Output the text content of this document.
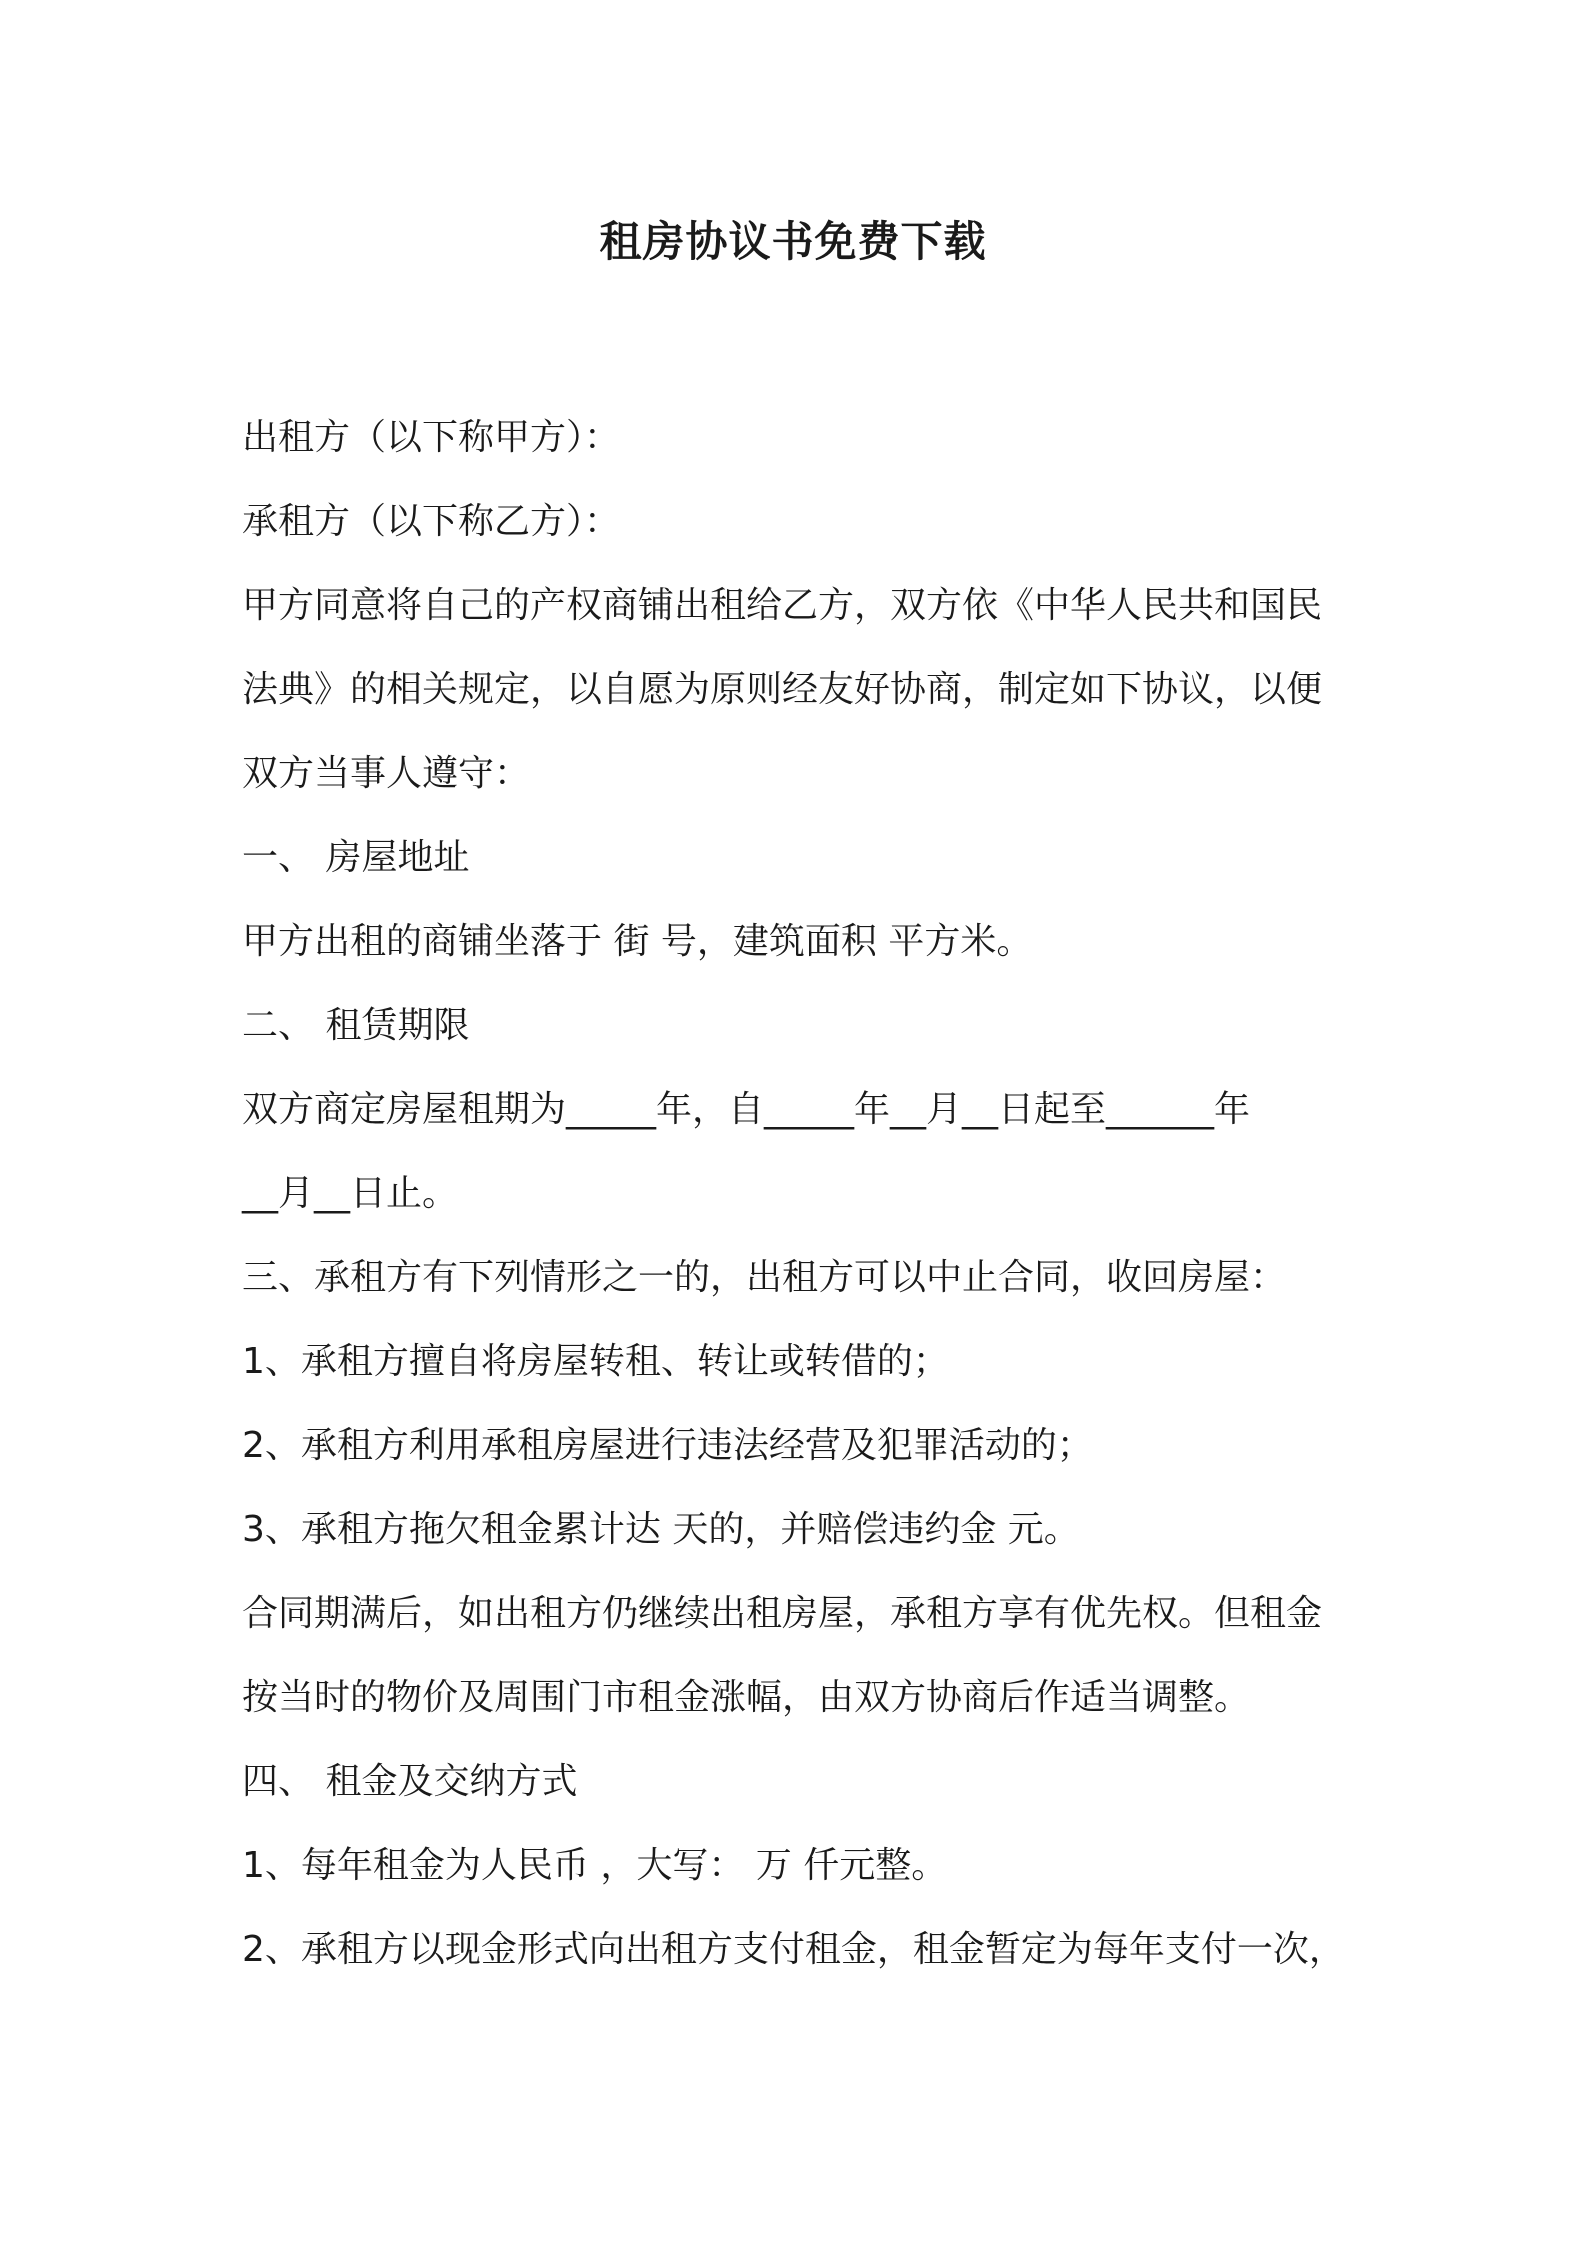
租房协议书免费下载
出租方（以下称甲方）：
承租方（以下称乙方）：
甲方同意将自己的产权商铺出租给乙方，双方依《中华人民共和国民
法典》的相关规定，以自愿为原则经友好协商，制定如下协议，以便
双方当事人遵守：
一、 房屋地址
甲方出租的商铺坐落于 街 号，建筑面积 平方米。
二、 租赁期限
双方商定房屋租期为_____年，自_____年__月__日起至______年
__月__日止。
三、承租方有下列情形之一的，出租方可以中止合同，收回房屋：
1、承租方擅自将房屋转租、转让或转借的；
2、承租方利用承租房屋进行违法经营及犯罪活动的；
3、承租方拖欠租金累计达 天的，并赔偿违约金 元。
合同期满后，如出租方仍继续出租房屋，承租方享有优先权。但租金
按当时的物价及周围门市租金涨幅，由双方协商后作适当调整。
四、 租金及交纳方式
1、每年租金为人民币 ，大写： 万 仟元整。
2、承租方以现金形式向出租方支付租金，租金暂定为每年支付一次，
